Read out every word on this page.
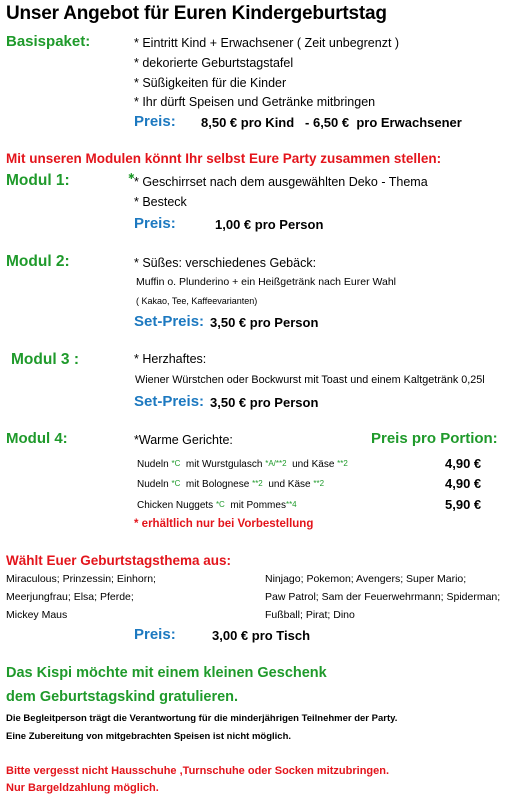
Unser Angebot für Euren Kindergeburtstag
Basispaket:	* Eintritt Kind + Erwachsener ( Zeit unbegrenzt )
* dekorierte Geburtstagstafel
* Süßigkeiten für die Kinder
* Ihr dürft Speisen und Getränke mitbringen
Preis: 8,50 € pro Kind   - 6,50 €  pro Erwachsener
Mit unseren Modulen könnt Ihr selbst Eure Party zusammen stellen:
Modul 1:	✱ * Geschirrset nach dem ausgewählten Deko - Thema
* Besteck
Preis:	1,00 € pro Person
Modul 2:	* Süßes: verschiedenes Gebäck:
Muffin o. Plunderino + ein Heißgetränk nach Eurer Wahl
( Kakao, Tee, Kaffeevarianten)
Set-Preis: 3,50 € pro Person
Modul 3 :	* Herzhaftes:
Wiener Würstchen oder Bockwurst mit Toast und einem Kaltgetränk 0,25l
Set-Preis: 3,50 € pro Person
Modul 4:	*Warme Gerichte:	Preis pro Portion:
Nudeln *C  mit Wurstgulasch *A/**2  und Käse **2	4,90 €
Nudeln *C  mit Bolognese **2  und Käse **2	4,90 €
Chicken Nuggets *C  mit Pommes**4	5,90 €
* erhältlich nur bei Vorbestellung
Wählt Euer Geburtstagsthema aus:
Miraculous; Prinzessin; Einhorn;
Meerjungfrau; Elsa; Pferde;
Mickey Maus
Ninjago; Pokemon; Avengers; Super Mario;
Paw Patrol; Sam der Feuerwehrmann; Spiderman;
Fußball; Pirat; Dino
Preis:	3,00 € pro Tisch
Das Kispi möchte mit einem kleinen Geschenk
dem Geburtstagskind gratulieren.
Die Begleitperson trägt die Verantwortung für die minderjährigen Teilnehmer der Party.
Eine Zubereitung von mitgebrachten Speisen ist nicht möglich.
Bitte vergesst nicht Hausschuhe ,Turnschuhe oder Socken mitzubringen.
Nur Bargeldzahlung möglich.
